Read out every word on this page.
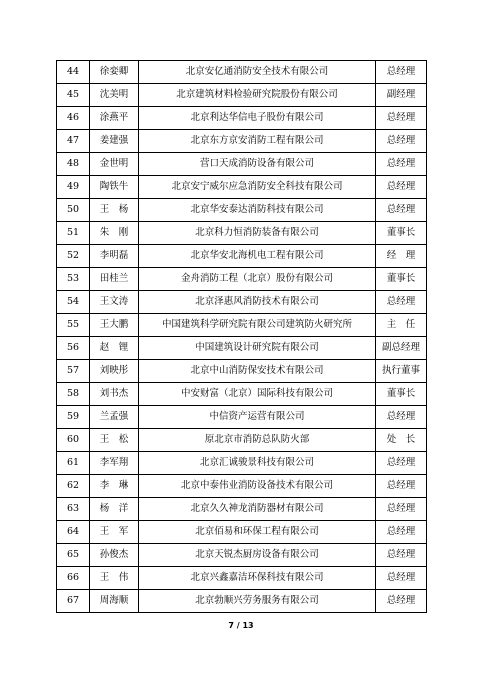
44	徐娈卿	北京安亿通消防安全技术有限公司	总经理
45	沈美明	北京建筑材料检验研究院股份有限公司	副经理
46	涂燕平	北京利达华信电子股份有限公司	总经理
47	姜建强	北京东方京安消防工程有限公司	总经理
48	金世明	营口天成消防设备有限公司	总经理
49	陶铁牛	北京安宁威尔应急消防安全科技有限公司	总经理
50	王　杨	北京华安泰达消防科技有限公司	总经理
51	朱　刚	北京科力恒消防装备有限公司	董事长
52	李明磊	北京华安北海机电工程有限公司	经　理
53	田桂兰	金舟消防工程（北京）股份有限公司	董事长
54	王文涛	北京泽惠风消防技术有限公司	总经理
55	王大鹏	中国建筑科学研究院有限公司建筑防火研究所	主　任
56	赵　锂	中国建筑设计研究院有限公司	副总经理
57	刘映彤	北京中山消防保安技术有限公司	执行董事
58	刘书杰	中安财富（北京）国际科技有限公司	董事长
59	兰孟强	中信资产运营有限公司	总经理
60	王　松	原北京市消防总队防火部	处　长
61	李军翔	北京汇诚骏景科技有限公司	总经理
62	李　琳	北京中泰伟业消防设备技术有限公司	总经理
63	杨　洋	北京久久神龙消防器材有限公司	总经理
64	王　军	北京佰易和环保工程有限公司	总经理
65	孙俊杰	北京天锐杰厨房设备有限公司	总经理
66	王　伟	北京兴鑫嘉洁环保科技有限公司	总经理
67	周海顺	北京勃顺兴劳务服务有限公司	总经理
7 / 13
